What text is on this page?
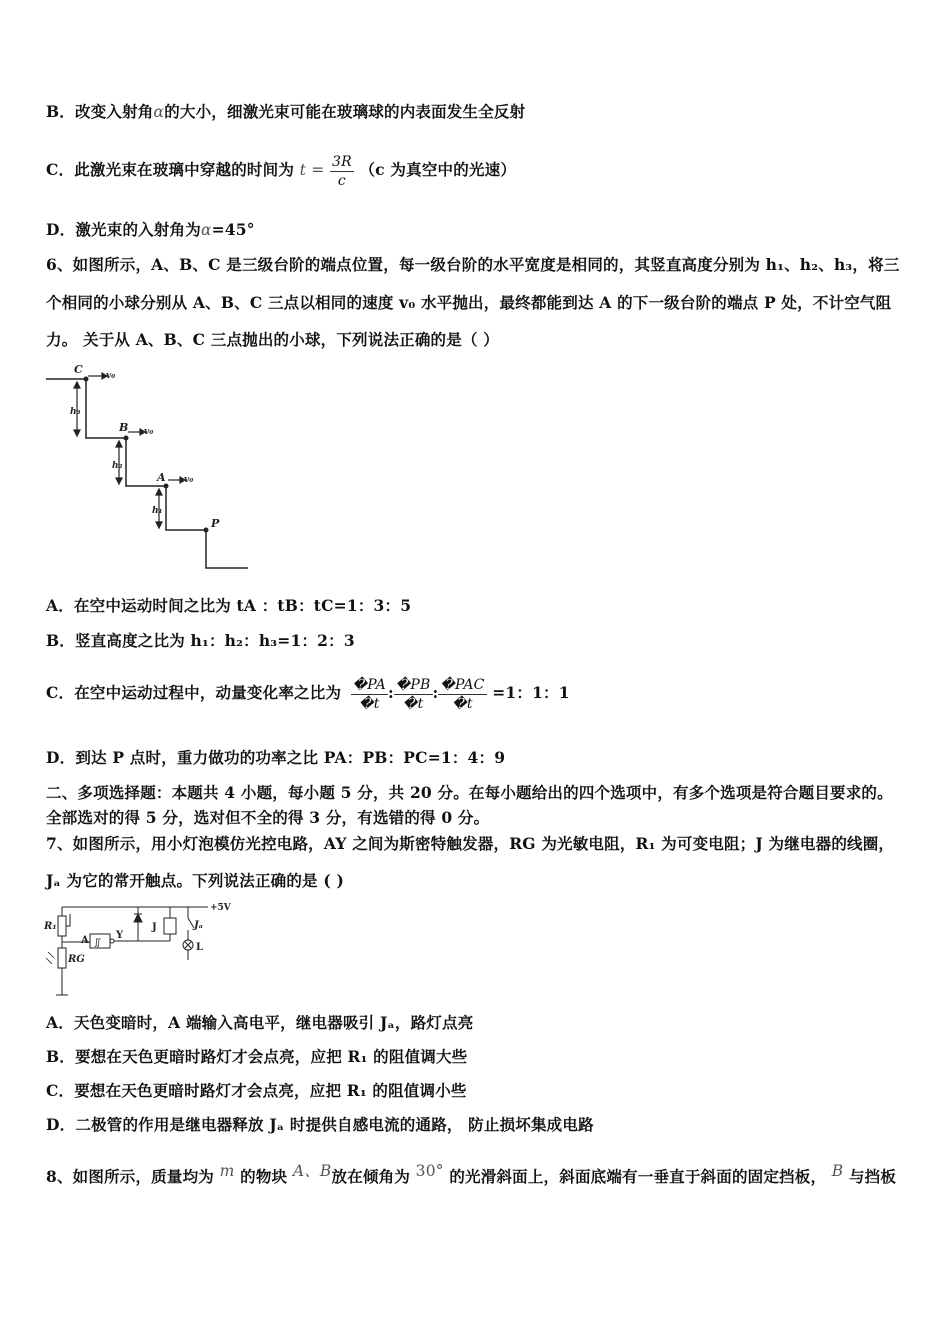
B．改变入射角α的大小，细激光束可能在玻璃球的内表面发生全反射
C．此激光束在玻璃中穿越的时间为 $t = \frac{3R}{c} (c$ 为真空中的光速）
D．激光束的入射角为α=45°
6、如图所示，A、B、C 是三级台阶的端点位置，每一级台阶的水平宽度是相同的，其竖直高度分别为 h₁、h₂、h₃，将三
个相同的小球分别从 A、B、C 三点以相同的速度 v₀ 水平抛出，最终都能到达 A 的下一级台阶的端点 P 处，不计空气阻
力。 关于从 A、B、C 三点抛出的小球，下列说法正确的是（ ）
C
B
A
P
v₀
v₀
v₀
h₃
h₂
h₁
A．在空中运动时间之比为 tA ：tB：tC=1：3：5
B．竖直高度之比为 h₁：h₂：h₃=1：2：3
C．在空中运动过程中，动量变化率之比为 $\frac{�PA}{�t}$ : $\frac{�PB}{�t}$ : $\frac{\text{�PAC}}{�t} =1$：1：1
D．到达 P 点时，重力做功的功率之比 PA：PB：PC=1：4：9
二、多项选择题：本题共 4 小题，每小题 5 分，共 20 分。在每小题给出的四个选项中，有多个选项是符合题目要求的。
全部选对的得 5 分，选对但不全的得 3 分，有选错的得 0 分。
7、如图所示，用小灯泡模仿光控电路，AY 之间为斯密特触发器，RG 为光敏电阻，R₁ 为可变电阻；J 为继电器的线圈，
Jₐ 为它的常开触点。下列说法正确的是 ( )
+5V
R₁
RG
A	Y
J	Jₐ
L
∬
A．天色变暗时，A 端输入高电平，继电器吸引 Jₐ，路灯点亮
B．要想在天色更暗时路灯才会点亮，应把 R₁ 的阻值调大些
C．要想在天色更暗时路灯才会点亮，应把 R₁ 的阻值调小些
D．二极管的作用是继电器释放 Jₐ 时提供自感电流的通路， 防止损坏集成电路
8、如图所示，质量均为 m 的物块 A、B放在倾角为 30° 的光滑斜面上，斜面底端有一垂直于斜面的固定挡板， B 与挡板
